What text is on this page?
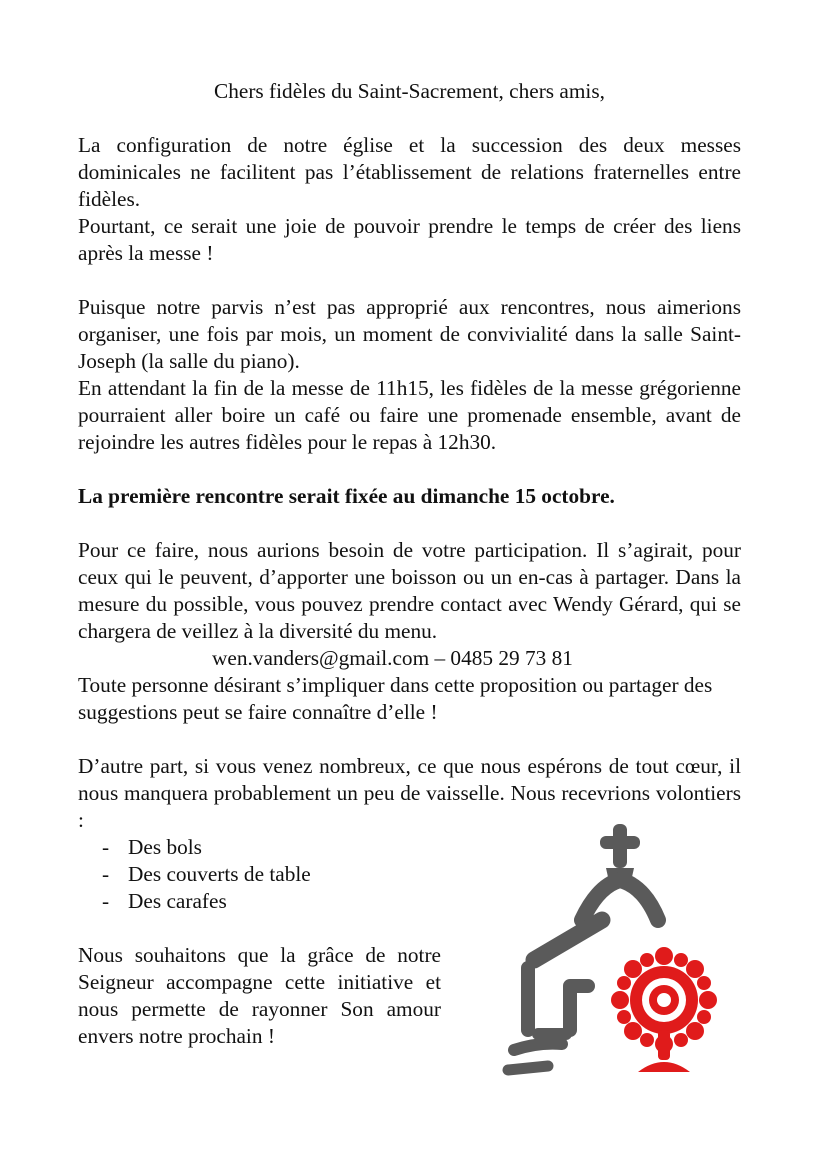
Chers fidèles du Saint-Sacrement, chers amis,

La configuration de notre église et la succession des deux messes dominicales ne facilitent pas l’établissement de relations fraternelles entre fidèles.

Pourtant, ce serait une joie de pouvoir prendre le temps de créer des liens après la messe !

Puisque notre parvis n’est pas approprié aux rencontres, nous aimerions organiser, une fois par mois, un moment de convivialité dans la salle Saint-Joseph (la salle du piano).

En attendant la fin de la messe de 11h15, les fidèles de la messe grégorienne pourraient aller boire un café ou faire une promenade ensemble, avant de rejoindre les autres fidèles pour le repas à 12h30.

La première rencontre serait fixée au dimanche 15 octobre.

Pour ce faire, nous aurions besoin de votre participation. Il s’agirait, pour ceux qui le peuvent, d’apporter une boisson ou un en-cas à partager. Dans la mesure du possible, vous pouvez prendre contact avec Wendy Gérard, qui se chargera de veillez à la diversité du menu.

wen.vanders@gmail.com – 0485 29 73 81

Toute personne désirant s’impliquer dans cette proposition ou partager des suggestions peut se faire connaître d’elle !

D’autre part, si vous venez nombreux, ce que nous espérons de tout cœur, il nous manquera probablement un peu de vaisselle. Nous recevrions volontiers :

- Des bols
- Des couverts de table
- Des carafes

Nous souhaitons que la grâce de notre Seigneur accompagne cette initiative et nous permette de rayonner Son amour envers notre prochain !
